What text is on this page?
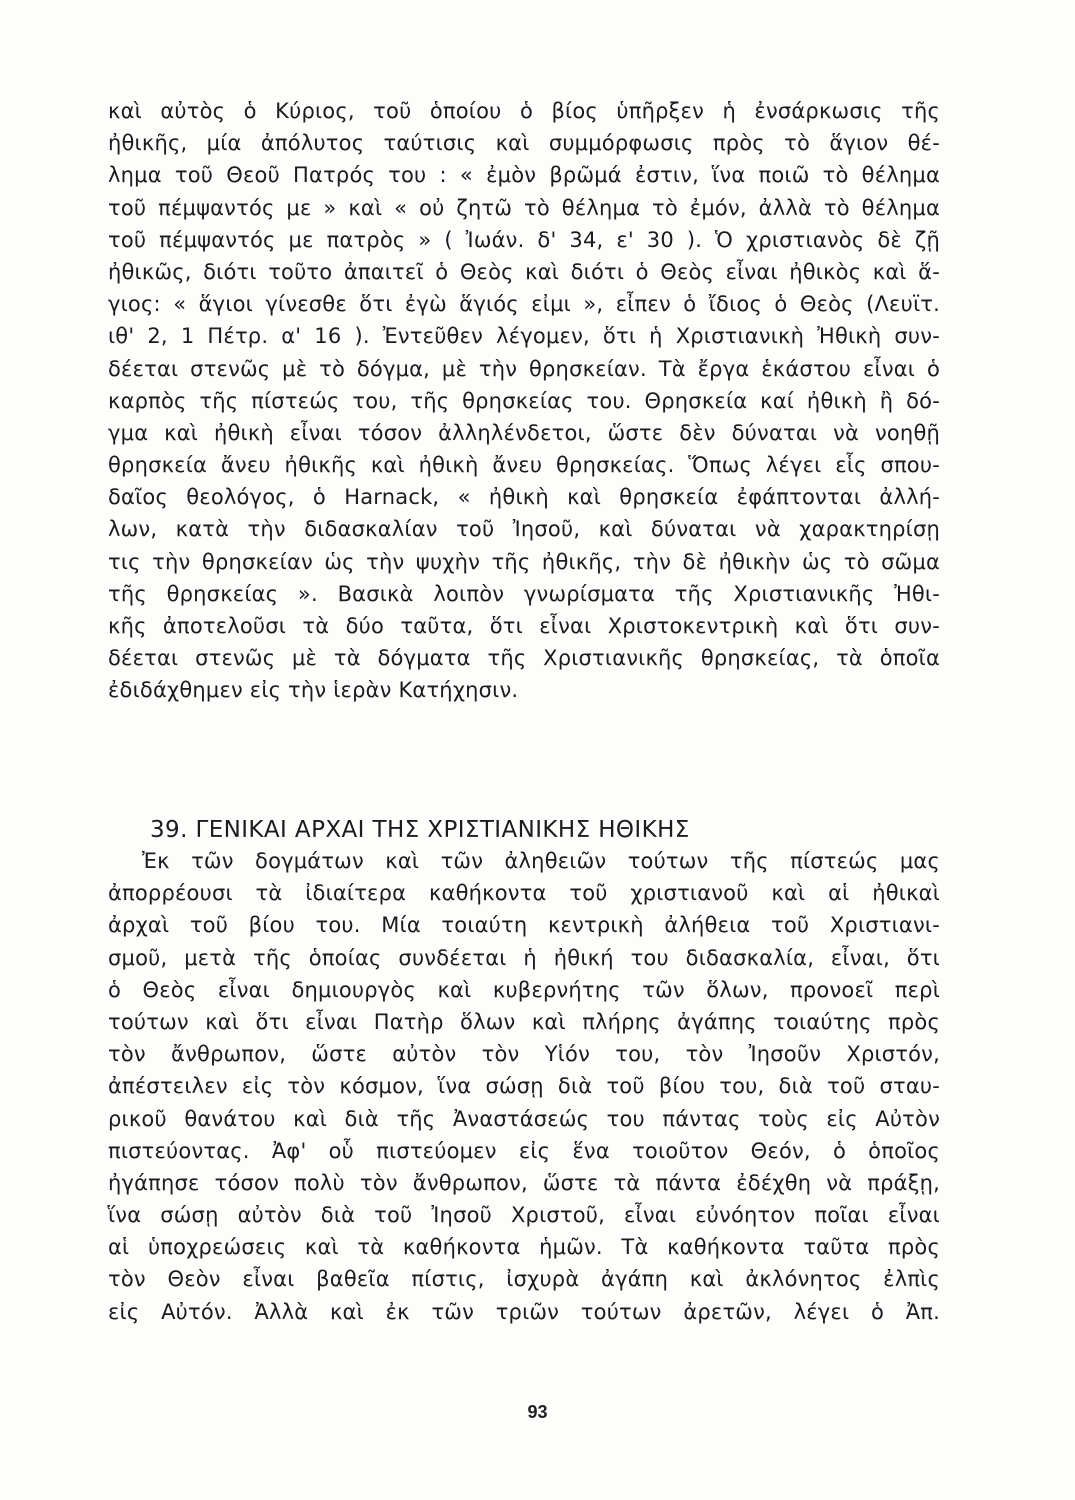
καὶ αὐτὸς ὁ Κύριος, τοῦ ὁποίου ὁ βίος ὑπῆρξεν ἡ ἐνσάρκωσις τῆς
ἠθικῆς, μία ἀπόλυτος ταύτισις καὶ συμμόρφωσις πρὸς τὸ ἅγιον θέ-
λημα τοῦ Θεοῦ Πατρός του : « ἐμὸν βρῶμά ἐστιν, ἵνα ποιῶ τὸ θέλημα
τοῦ πέμψαντός με » καὶ « οὐ ζητῶ τὸ θέλημα τὸ ἐμόν, ἀλλὰ τὸ θέλημα
τοῦ πέμψαντός με πατρὸς » ( Ἰωάν. δ' 34, ε' 30 ). Ὁ χριστιανὸς δὲ ζῇ
ἠθικῶς, διότι τοῦτο ἀπαιτεῖ ὁ Θεὸς καὶ διότι ὁ Θεὸς εἶναι ἠθικὸς καὶ ἅ-
γιος: « ἅγιοι γίνεσθε ὅτι ἐγὼ ἅγιός εἰμι », εἶπεν ὁ ἴδιος ὁ Θεὸς (Λευϊτ.
ιθ' 2, 1 Πέτρ. α' 16 ). Ἐντεῦθεν λέγομεν, ὅτι ἡ Χριστιανικὴ Ἠθικὴ συν-
δέεται στενῶς μὲ τὸ δόγμα, μὲ τὴν θρησκείαν. Τὰ ἔργα ἑκάστου εἶναι ὁ
καρπὸς τῆς πίστεώς του, τῆς θρησκείας του. Θρησκεία καί ἠθικὴ ἢ δό-
γμα καὶ ἠθικὴ εἶναι τόσον ἀλληλένδετοι, ὥστε δὲν δύναται νὰ νοηθῇ
θρησκεία ἄνευ ἠθικῆς καὶ ἠθικὴ ἄνευ θρησκείας. Ὅπως λέγει εἷς σπου-
δαῖος θεολόγος, ὁ Harnack, « ἠθικὴ καὶ θρησκεία ἐφάπτονται ἀλλή-
λων, κατὰ τὴν διδασκαλίαν τοῦ Ἰησοῦ, καὶ δύναται νὰ χαρακτηρίσῃ
τις τὴν θρησκείαν ὡς τὴν ψυχὴν τῆς ἠθικῆς, τὴν δὲ ἠθικὴν ὡς τὸ σῶμα
τῆς θρησκείας ». Βασικὰ λοιπὸν γνωρίσματα τῆς Χριστιανικῆς Ἠθι-
κῆς ἀποτελοῦσι τὰ δύο ταῦτα, ὅτι εἶναι Χριστοκεντρικὴ καὶ ὅτι συν-
δέεται στενῶς μὲ τὰ δόγματα τῆς Χριστιανικῆς θρησκείας, τὰ ὁποῖα
ἐδιδάχθημεν εἰς τὴν ἱερὰν Κατήχησιν.
39. ΓΕΝΙΚΑΙ ΑΡΧΑΙ ΤΗΣ ΧΡΙΣΤΙΑΝΙΚΗΣ ΗΘΙΚΗΣ
Ἐκ τῶν δογμάτων καὶ τῶν ἀληθειῶν τούτων τῆς πίστεώς μας
ἀπορρέουσι τὰ ἰδιαίτερα καθήκοντα τοῦ χριστιανοῦ καὶ αἱ ἠθικαὶ
ἀρχαὶ τοῦ βίου του. Μία τοιαύτη κεντρικὴ ἀλήθεια τοῦ Χριστιανι-
σμοῦ, μετὰ τῆς ὁποίας συνδέεται ἡ ἠθική του διδασκαλία, εἶναι, ὅτι
ὁ Θεὸς εἶναι δημιουργὸς καὶ κυβερνήτης τῶν ὅλων, προνοεῖ περὶ
τούτων καὶ ὅτι εἶναι Πατὴρ ὅλων καὶ πλήρης ἀγάπης τοιαύτης πρὸς
τὸν ἄνθρωπον, ὥστε αὐτὸν τὸν Υἱόν του, τὸν Ἰησοῦν Χριστόν,
ἀπέστειλεν εἰς τὸν κόσμον, ἵνα σώσῃ διὰ τοῦ βίου του, διὰ τοῦ σταυ-
ρικοῦ θανάτου καὶ διὰ τῆς Ἀναστάσεώς του πάντας τοὺς εἰς Αὐτὸν
πιστεύοντας. Ἀφ' οὗ πιστεύομεν εἰς ἕνα τοιοῦτον Θεόν, ὁ ὁποῖος
ἠγάπησε τόσον πολὺ τὸν ἄνθρωπον, ὥστε τὰ πάντα ἐδέχθη νὰ πράξῃ,
ἵνα σώσῃ αὐτὸν διὰ τοῦ Ἰησοῦ Χριστοῦ, εἶναι εὐνόητον ποῖαι εἶναι
αἱ ὑποχρεώσεις καὶ τὰ καθήκοντα ἡμῶν. Τὰ καθήκοντα ταῦτα πρὸς
τὸν Θεὸν εἶναι βαθεῖα πίστις, ἰσχυρὰ ἀγάπη καὶ ἀκλόνητος ἐλπὶς
εἰς Αὐτόν. Ἀλλὰ καὶ ἐκ τῶν τριῶν τούτων ἀρετῶν, λέγει ὁ Ἀπ.
93
